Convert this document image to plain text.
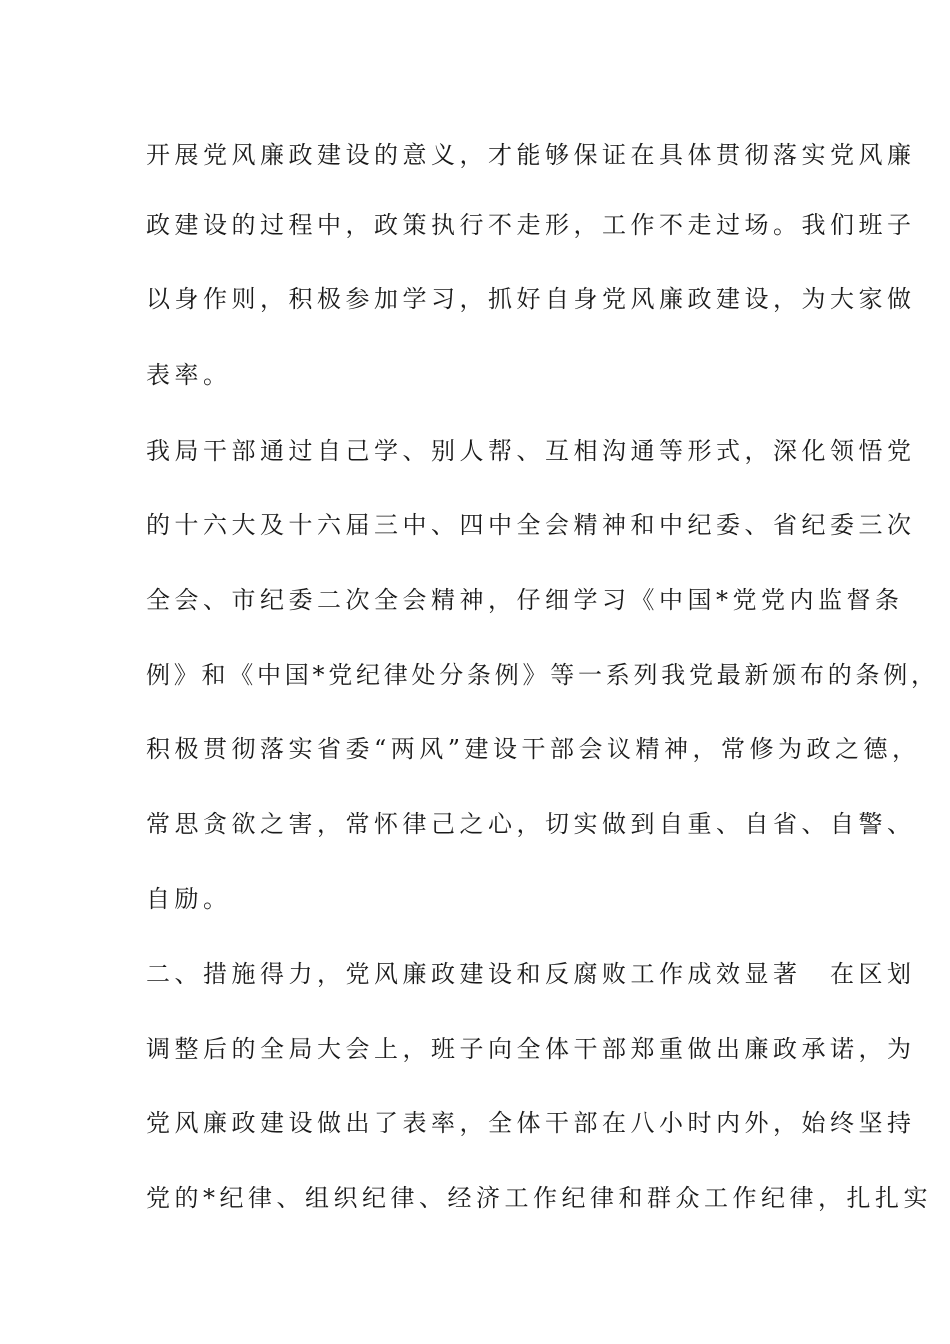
开展党风廉政建设的意义，才能够保证在具体贯彻落实党风廉
政建设的过程中，政策执行不走形，工作不走过场。我们班子
以身作则，积极参加学习，抓好自身党风廉政建设，为大家做
表率。
我局干部通过自己学、别人帮、互相沟通等形式，深化领悟党
的十六大及十六届三中、四中全会精神和中纪委、省纪委三次
全会、市纪委二次全会精神，仔细学习《中国*党党内监督条
例》和《中国*党纪律处分条例》等一系列我党最新颁布的条例，
积极贯彻落实省委“两风”建设干部会议精神，常修为政之德，
常思贪欲之害，常怀律己之心，切实做到自重、自省、自警、
自励。
二、措施得力，党风廉政建设和反腐败工作成效显著　在区划
调整后的全局大会上，班子向全体干部郑重做出廉政承诺，为
党风廉政建设做出了表率，全体干部在八小时内外，始终坚持
党的*纪律、组织纪律、经济工作纪律和群众工作纪律，扎扎实
